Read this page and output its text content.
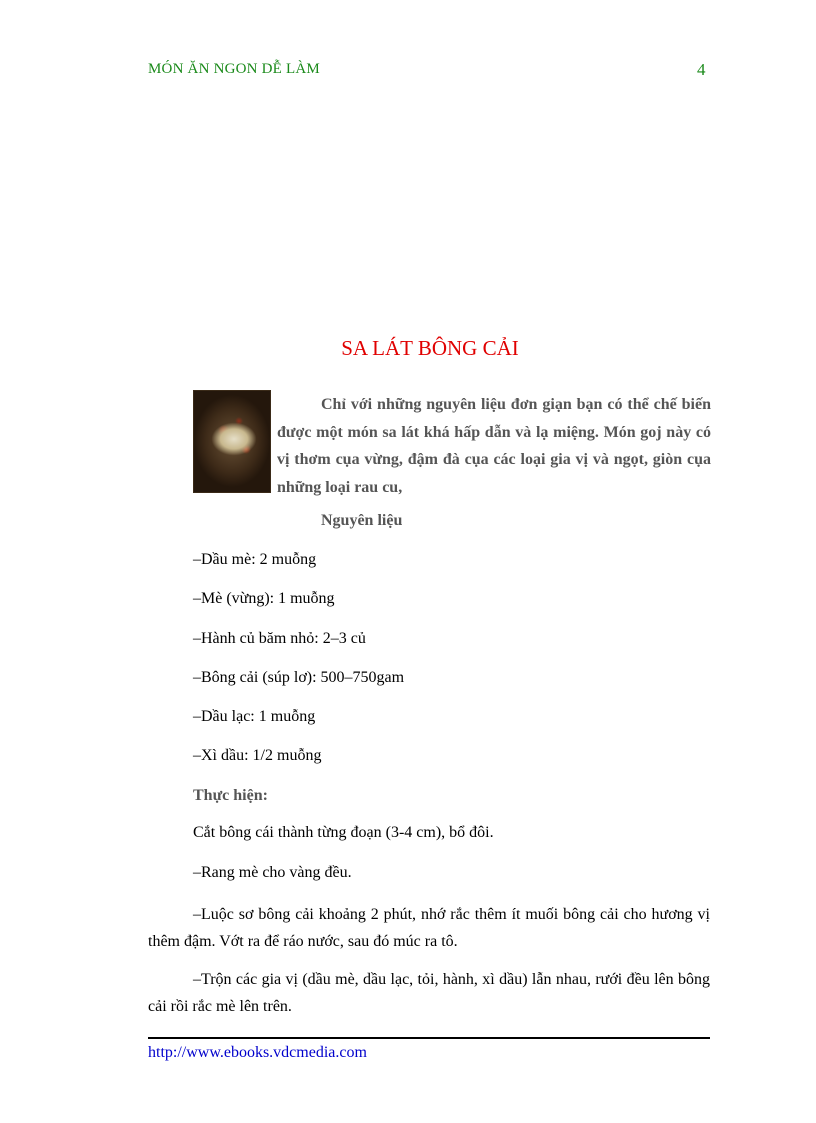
MÓN ĂN NGON DỄ LÀM	4
SA LÁT BÔNG CẢI

Chỉ với những nguyên liệu đơn giạn bạn có thể chế biến được một món sa lát khá hấp dẫn và lạ miệng. Món goj này có vị thơm cụa vừng, đậm đà cụa các loại gia vị và ngọt, giòn cụa những loại rau cu,

Nguyên liệu
–Dầu mè: 2 muỗng
–Mè (vừng): 1 muỗng
–Hành củ băm nhỏ: 2–3 củ
–Bông cải (súp lơ): 500–750gam
–Dầu lạc: 1 muỗng
–Xì dầu: 1/2 muỗng
Thực hiện:
Cắt bông cái thành từng đoạn (3-4 cm), bổ đôi.
–Rang mè cho vàng đều.

–Luộc sơ bông cải khoảng 2 phút, nhớ rắc thêm ít muối bông cải cho hương vị thêm đậm. Vớt ra để ráo nước, sau đó múc ra tô.

–Trộn các gia vị (dầu mè, dầu lạc, tỏi, hành, xì dầu) lẫn nhau, rưới đều lên bông cải rồi rắc mè lên trên.

http://www.ebooks.vdcmedia.com
